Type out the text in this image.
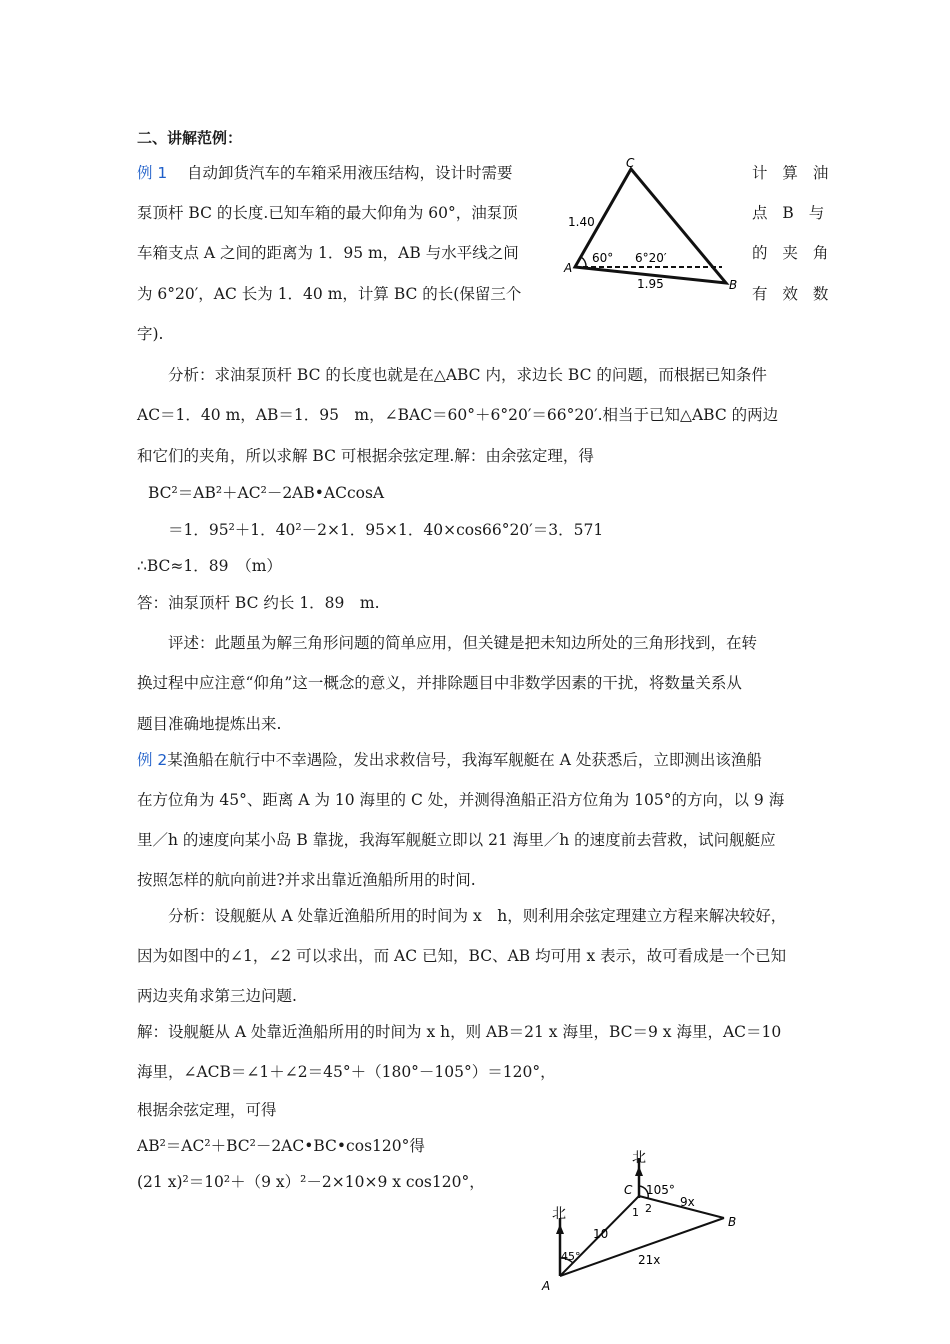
二、讲解范例：
例 1 自动卸货汽车的车箱采用液压结构，设计时需要
泵顶杆 BC 的长度.已知车箱的最大仰角为 60°，油泵顶
车箱支点 A 之间的距离为 1．95 m，AB 与水平线之间
为 6°20′，AC 长为 1．40 m，计算 BC 的长(保留三个
字).
计 算 油
点 B 与
的 夹 角
有 效 数
C
A
B
1.40
60° 6°20′
1.95
分析：求油泵顶杆 BC 的长度也就是在△ABC 内，求边长 BC 的问题，而根据已知条件
AC＝1．40 m，AB＝1．95　m，∠BAC＝60°＋6°20′＝66°20′.相当于已知△ABC 的两边
和它们的夹角，所以求解 BC 可根据余弦定理.解：由余弦定理，得
BC²＝AB²＋AC²－2AB•ACcosA
＝1．95²＋1．40²－2×1．95×1．40×cos66°20′＝3．571
∴BC≈1．89　（m）
答：油泵顶杆 BC 约长 1．89　m.
评述：此题虽为解三角形问题的简单应用，但关键是把未知边所处的三角形找到，在转
换过程中应注意“仰角”这一概念的意义，并排除题目中非数学因素的干扰，将数量关系从
题目准确地提炼出来.
例 2某渔船在航行中不幸遇险，发出求救信号，我海军舰艇在 A 处获悉后，立即测出该渔船
在方位角为 45°、距离 A 为 10 海里的 C 处，并测得渔船正沿方位角为 105°的方向，以 9 海
里／h 的速度向某小岛 B 靠拢，我海军舰艇立即以 21 海里／h 的速度前去营救，试问舰艇应
按照怎样的航向前进?并求出靠近渔船所用的时间.
分析：设舰艇从 A 处靠近渔船所用的时间为 x　h，则利用余弦定理建立方程来解决较好，
因为如图中的∠1，∠2 可以求出，而 AC 已知，BC、AB 均可用 x 表示，故可看成是一个已知
两边夹角求第三边问题.
解：设舰艇从 A 处靠近渔船所用的时间为 x h，则 AB＝21 x 海里，BC＝9 x 海里，AC＝10
海里，∠ACB＝∠1＋∠2＝45°＋（180°－105°）＝120°，
根据余弦定理，可得
AB²＝AC²＋BC²－2AC•BC•cos120°得
(21 x)²＝10²＋（9 x）²－2×10×9 x cos120°，
北
北
C
A
B
105°
9x
10
1 2
45°	21x
